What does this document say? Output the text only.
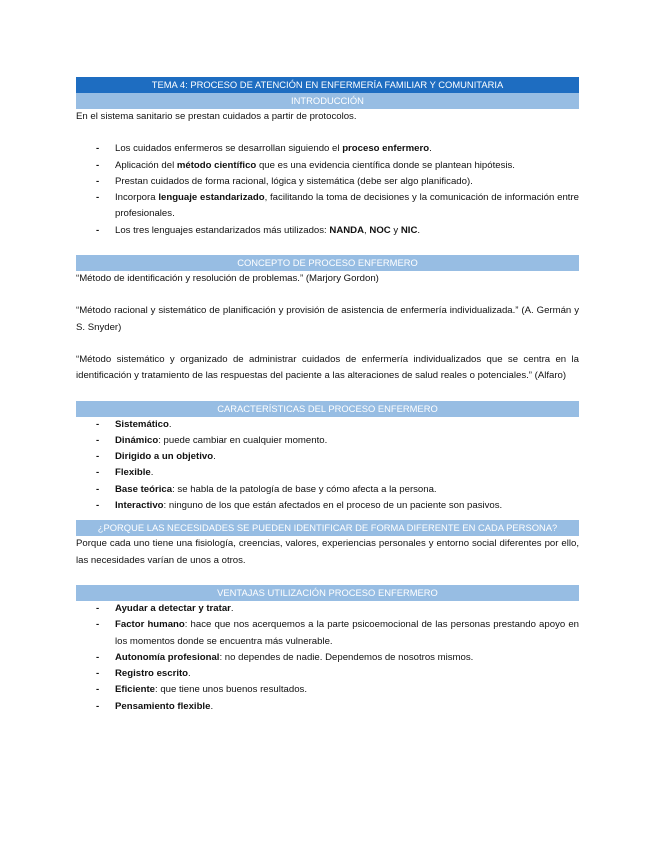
TEMA 4: PROCESO DE ATENCIÓN EN ENFERMERÍA FAMILIAR Y COMUNITARIA
INTRODUCCIÓN

En el sistema sanitario se prestan cuidados a partir de protocolos.

- Los cuidados enfermeros se desarrollan siguiendo el proceso enfermero.
- Aplicación del método científico que es una evidencia científica donde se plantean hipótesis.
- Prestan cuidados de forma racional, lógica y sistemática (debe ser algo planificado).
- Incorpora lenguaje estandarizado, facilitando la toma de decisiones y la comunicación de información entre profesionales.
- Los tres lenguajes estandarizados más utilizados: NANDA, NOC y NIC.
CONCEPTO DE PROCESO ENFERMERO

“Método de identificación y resolución de problemas.” (Marjory Gordon)

“Método racional y sistemático de planificación y provisión de asistencia de enfermería individualizada.” (A. Germán y S. Snyder)

“Método sistemático y organizado de administrar cuidados de enfermería individualizados que se centra en la identificación y tratamiento de las respuestas del paciente a las alteraciones de salud reales o potenciales.” (Alfaro)

CARACTERÍSTICAS DEL PROCESO ENFERMERO
- Sistemático.
- Dinámico: puede cambiar en cualquier momento.
- Dirigido a un objetivo.
- Flexible.
- Base teórica: se habla de la patología de base y cómo afecta a la persona.
- Interactivo: ninguno de los que están afectados en el proceso de un paciente son pasivos.
¿PORQUE LAS NECESIDADES SE PUEDEN IDENTIFICAR DE FORMA DIFERENTE EN CADA PERSONA?

Porque cada uno tiene una fisiología, creencias, valores, experiencias personales y entorno social diferentes por ello, las necesidades varían de unos a otros.

VENTAJAS UTILIZACIÓN PROCESO ENFERMERO
- Ayudar a detectar y tratar.
- Factor humano: hace que nos acerquemos a la parte psicoemocional de las personas prestando apoyo en los momentos donde se encuentra más vulnerable.
- Autonomía profesional: no dependes de nadie. Dependemos de nosotros mismos.
- Registro escrito.
- Eficiente: que tiene unos buenos resultados.
- Pensamiento flexible.
